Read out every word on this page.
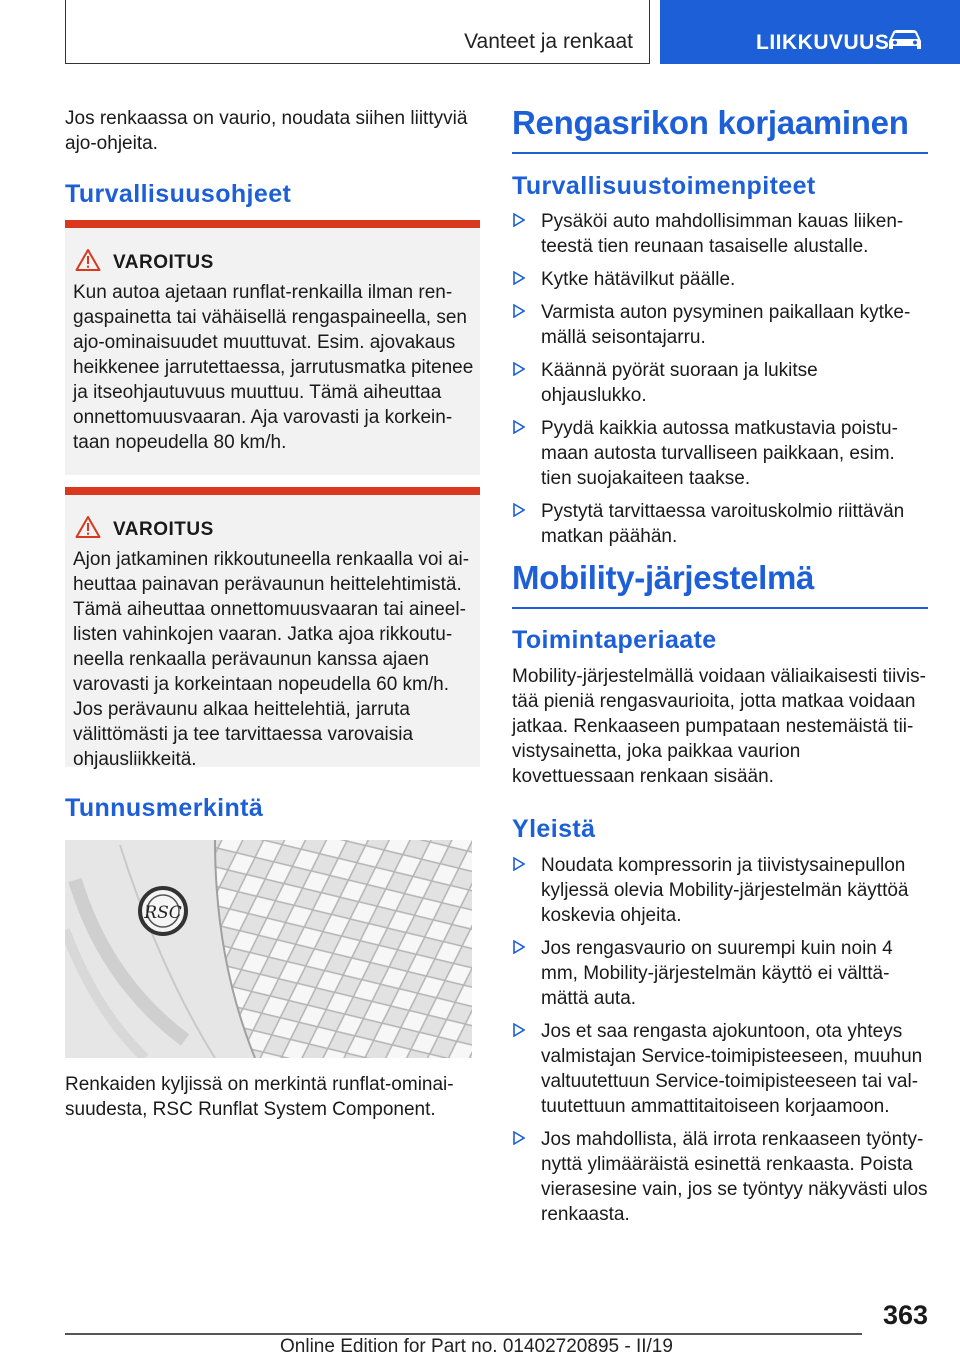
Vanteet ja renkaat	LIIKKUVUUS
Jos renkaassa on vaurio, noudata siihen liittyviä ajo-ohjeita.
Turvallisuusohjeet
VAROITUS
Kun autoa ajetaan runflat-renkailla ilman rengaspainetta tai vähäisellä rengaspaineella, sen ajo-ominaisuudet muuttuvat. Esim. ajovakaus heikkenee jarrutettaessa, jarrutusmatka pitenee ja itseohjautuvuus muuttuu. Tämä aiheuttaa onnettomuusvaaran. Aja varovasti ja korkeintaan nopeudella 80 km/h.
VAROITUS
Ajon jatkaminen rikkoutuneella renkaalla voi aiheuttaa painavan perävaunun heittelehtimistä. Tämä aiheuttaa onnettomuusvaaran tai aineellisten vahinkojen vaaran. Jatka ajoa rikkoutuneella renkaalla perävaunun kanssa ajaen varovasti ja korkeintaan nopeudella 60 km/h. Jos perävaunu alkaa heittelehtiä, jarruta välittömästi ja tee tarvittaessa varovaisia ohjausliikkeitä.
Tunnusmerkintä
RSC
Renkaiden kyljissä on merkintä runflat-ominaisuudesta, RSC Runflat System Component.
Rengasrikon korjaaminen
Turvallisuustoimenpiteet
Pysäköi auto mahdollisimman kauas liikenteestä tien reunaan tasaiselle alustalle.
Kytke hätävilkut päälle.
Varmista auton pysyminen paikallaan kytkemällä seisontajarru.
Käännä pyörät suoraan ja lukitse ohjauslukko.
Pyydä kaikkia autossa matkustavia poistumaan autosta turvalliseen paikkaan, esim. tien suojakaiteen taakse.
Pystytä tarvittaessa varoituskolmio riittävän matkan päähän.
Mobility-järjestelmä
Toimintaperiaate
Mobility-järjestelmällä voidaan väliaikaisesti tiivistää pieniä rengasvaurioita, jotta matkaa voidaan jatkaa. Renkaaseen pumpataan nestemäistä tiivistysainetta, joka paikkaa vaurion kovettuessaan renkaan sisään.
Yleistä
Noudata kompressorin ja tiivistysainepullon kyljessä olevia Mobility-järjestelmän käyttöä koskevia ohjeita.
Jos rengasvaurio on suurempi kuin noin 4 mm, Mobility-järjestelmän käyttö ei välttämättä auta.
Jos et saa rengasta ajokuntoon, ota yhteys valmistajan Service-toimipisteeseen, muuhun valtuutettuun Service-toimipisteeseen tai valtuutettuun ammattitaitoiseen korjaamoon.
Jos mahdollista, älä irrota renkaaseen työntynyttä ylimääräistä esinettä renkaasta. Poista vierasesine vain, jos se työntyy näkyvästi ulos renkaasta.
363
Online Edition for Part no. 01402720895 - II/19
